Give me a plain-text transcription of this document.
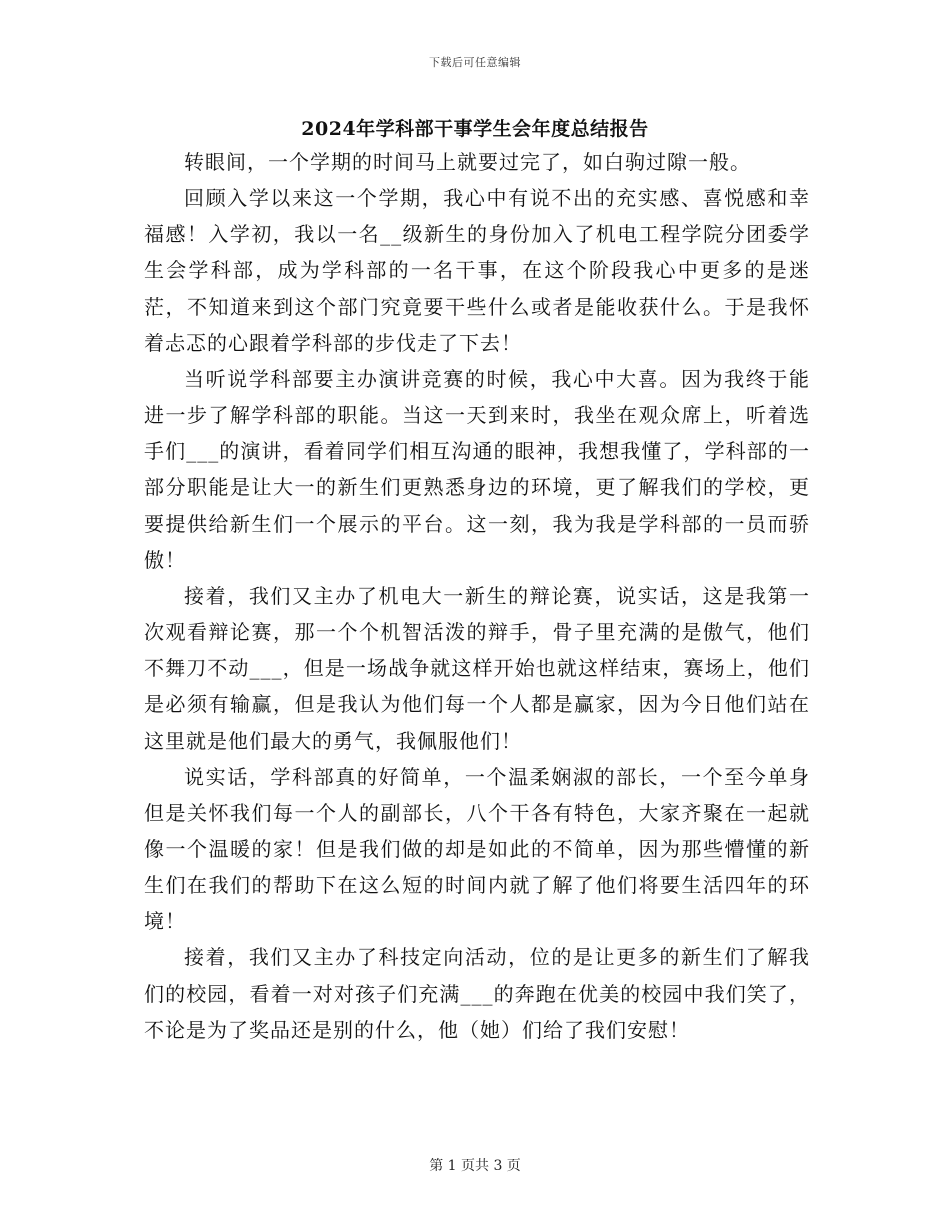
下载后可任意编辑
2024年学科部干事学生会年度总结报告

转眼间，一个学期的时间马上就要过完了，如白驹过隙一般。

回顾入学以来这一个学期，我心中有说不出的充实感、喜悦感和幸福感！入学初，我以一名__级新生的身份加入了机电工程学院分团委学生会学科部，成为学科部的一名干事，在这个阶段我心中更多的是迷茫，不知道来到这个部门究竟要干些什么或者是能收获什么。于是我怀着忐忑的心跟着学科部的步伐走了下去！

当听说学科部要主办演讲竞赛的时候，我心中大喜。因为我终于能进一步了解学科部的职能。当这一天到来时，我坐在观众席上，听着选手们___的演讲，看着同学们相互沟通的眼神，我想我懂了，学科部的一部分职能是让大一的新生们更熟悉身边的环境，更了解我们的学校，更要提供给新生们一个展示的平台。这一刻，我为我是学科部的一员而骄傲！

接着，我们又主办了机电大一新生的辩论赛，说实话，这是我第一次观看辩论赛，那一个个机智活泼的辩手，骨子里充满的是傲气，他们不舞刀不动___，但是一场战争就这样开始也就这样结束，赛场上，他们是必须有输赢，但是我认为他们每一个人都是赢家，因为今日他们站在这里就是他们最大的勇气，我佩服他们！

说实话，学科部真的好简单，一个温柔娴淑的部长，一个至今单身但是关怀我们每一个人的副部长，八个干各有特色，大家齐聚在一起就像一个温暖的家！但是我们做的却是如此的不简单，因为那些懵懂的新生们在我们的帮助下在这么短的时间内就了解了他们将要生活四年的环境！

接着，我们又主办了科技定向活动，位的是让更多的新生们了解我们的校园，看着一对对孩子们充满___的奔跑在优美的校园中我们笑了，不论是为了奖品还是别的什么，他（她）们给了我们安慰！

第 1 页共 3 页
